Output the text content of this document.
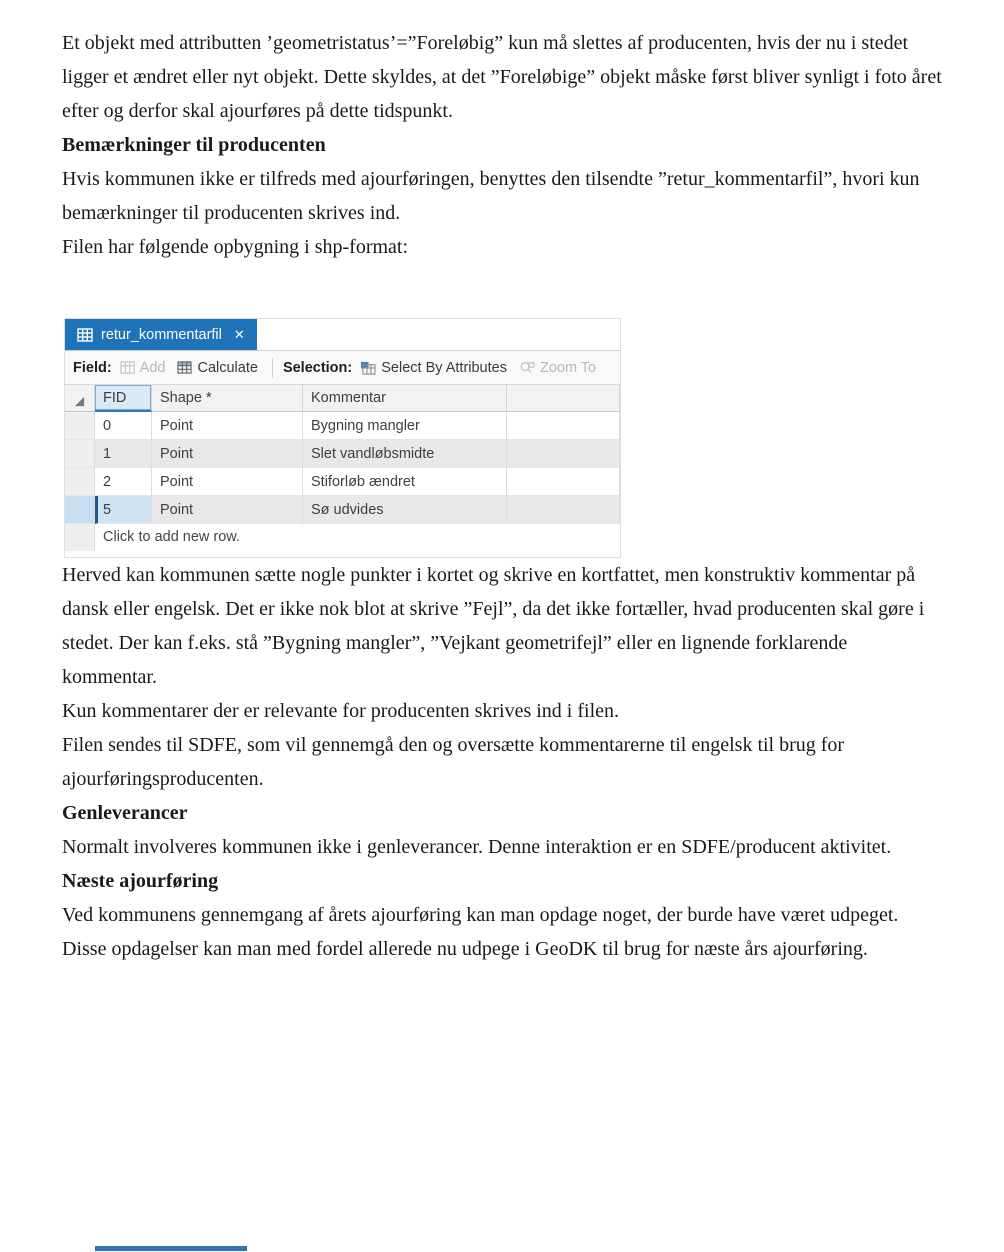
Et objekt med attributten ’geometristatus’=”Foreløbig” kun må slettes af producenten, hvis der nu i stedet ligger et ændret eller nyt objekt. Dette skyldes, at det ”Foreløbige” objekt måske først bliver synligt i foto året efter og derfor skal ajourføres på dette tidspunkt.

Bemærkninger til producenten

Hvis kommunen ikke er tilfreds med ajourføringen, benyttes den tilsendte ”retur_kommentarfil”, hvori kun bemærkninger til producenten skrives ind.

Filen har følgende opbygning i shp-format:

retur_kommentarfil ✕
Field: Add Calculate Selection: Select By Attributes Zoom To
FID	Shape *	Kommentar
0	Point	Bygning mangler
1	Point	Slet vandløbsmidte
2	Point	Stiforløb ændret
5	Point	Sø udvides
Click to add new row.

Herved kan kommunen sætte nogle punkter i kortet og skrive en kortfattet, men konstruktiv kommentar på dansk eller engelsk. Det er ikke nok blot at skrive ”Fejl”, da det ikke fortæller, hvad producenten skal gøre i stedet. Der kan f.eks. stå ”Bygning mangler”, ”Vejkant geometrifejl” eller en lignende forklarende kommentar.

Kun kommentarer der er relevante for producenten skrives ind i filen.

Filen sendes til SDFE, som vil gennemgå den og oversætte kommentarerne til engelsk til brug for ajourføringsproducenten.

Genleverancer

Normalt involveres kommunen ikke i genleverancer. Denne interaktion er en SDFE/producent aktivitet.

Næste ajourføring

Ved kommunens gennemgang af årets ajourføring kan man opdage noget, der burde have været udpeget. Disse opdagelser kan man med fordel allerede nu udpege i GeoDK til brug for næste års ajourføring.
